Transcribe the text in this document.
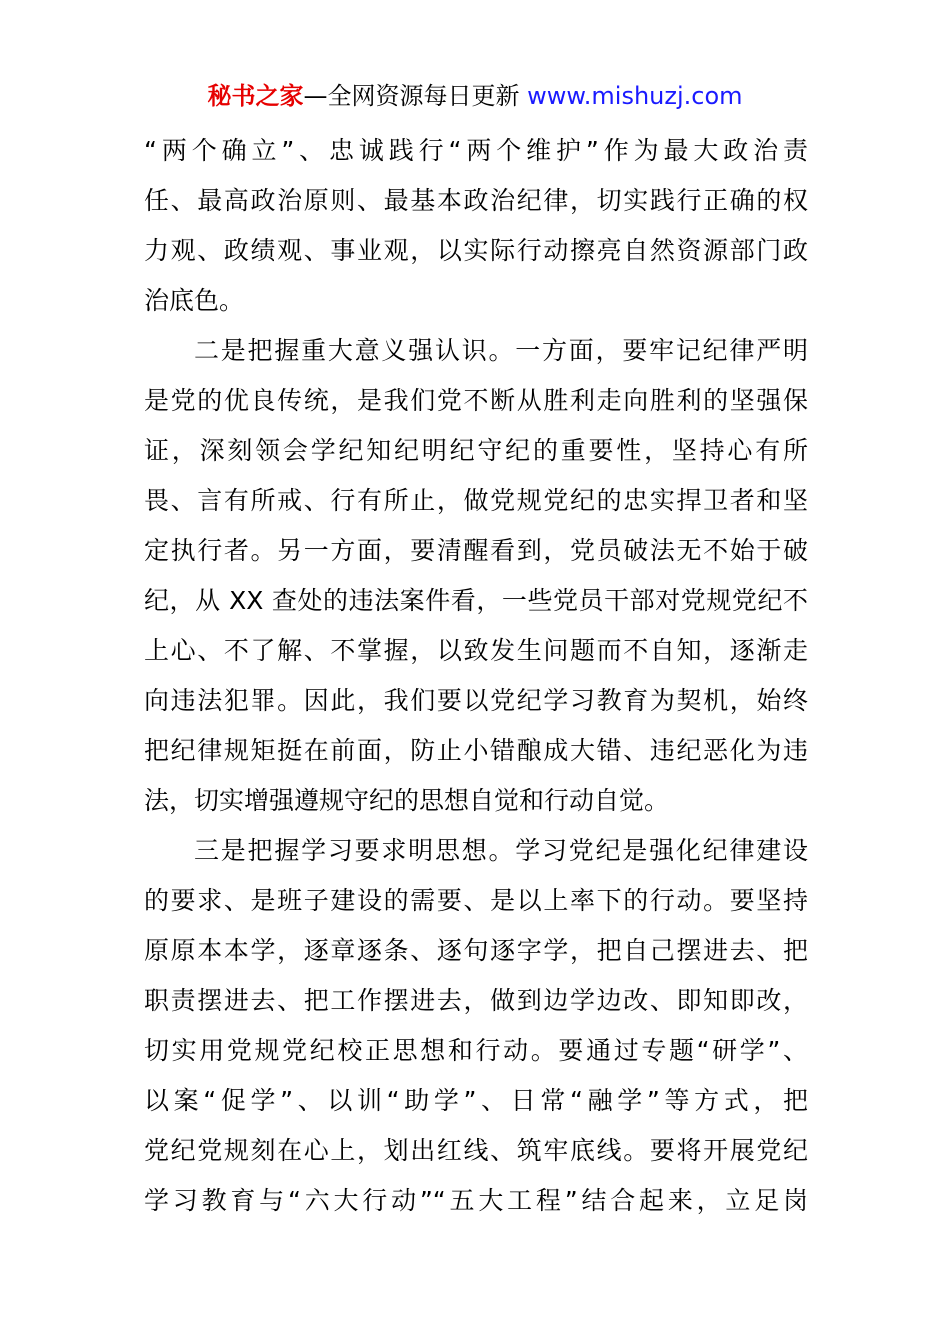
秘书之家—全网资源每日更新 www.mishuzj.com
“两个确立”、忠诚践行“两个维护”作为最大政治责
任、最高政治原则、最基本政治纪律，切实践行正确的权
力观、政绩观、事业观，以实际行动擦亮自然资源部门政
治底色。
二是把握重大意义强认识。一方面，要牢记纪律严明
是党的优良传统，是我们党不断从胜利走向胜利的坚强保
证，深刻领会学纪知纪明纪守纪的重要性，坚持心有所
畏、言有所戒、行有所止，做党规党纪的忠实捍卫者和坚
定执行者。另一方面，要清醒看到，党员破法无不始于破
纪，从 XX 查处的违法案件看，一些党员干部对党规党纪不
上心、不了解、不掌握，以致发生问题而不自知，逐渐走
向违法犯罪。因此，我们要以党纪学习教育为契机，始终
把纪律规矩挺在前面，防止小错酿成大错、违纪恶化为违
法，切实增强遵规守纪的思想自觉和行动自觉。
三是把握学习要求明思想。学习党纪是强化纪律建设
的要求、是班子建设的需要、是以上率下的行动。要坚持
原原本本学，逐章逐条、逐句逐字学，把自己摆进去、把
职责摆进去、把工作摆进去，做到边学边改、即知即改，
切实用党规党纪校正思想和行动。要通过专题“研学”、
以案“促学”、以训“助学”、日常“融学”等方式，把
党纪党规刻在心上，划出红线、筑牢底线。要将开展党纪
学习教育与“六大行动”“五大工程”结合起来，立足岗
